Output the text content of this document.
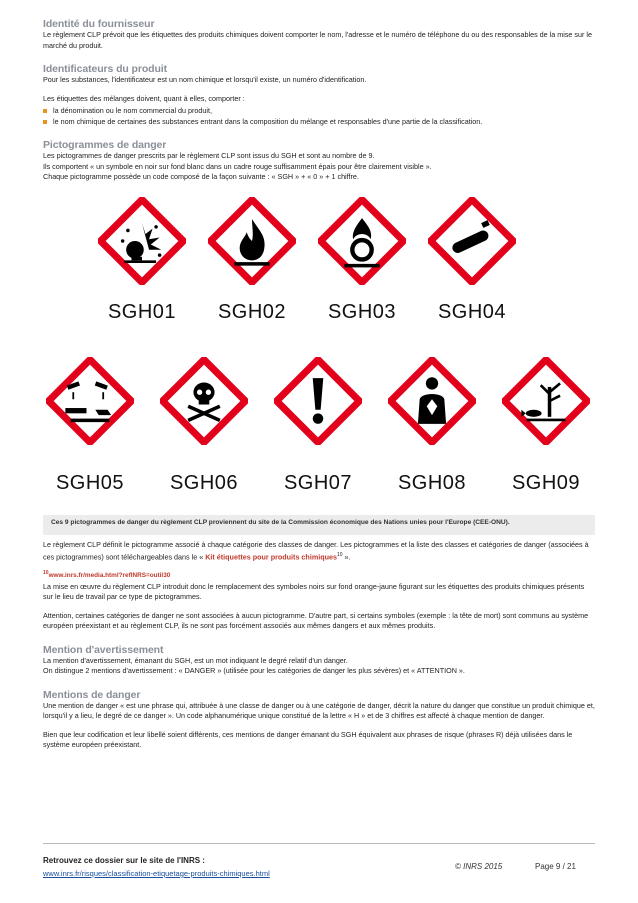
Identité du fournisseur

Le règlement CLP prévoit que les étiquettes des produits chimiques doivent comporter le nom, l'adresse et le numéro de téléphone du ou des responsables de la mise sur le marché du produit.

Identificateurs du produit

Pour les substances, l'identificateur est un nom chimique et lorsqu'il existe, un numéro d'identification.

Les étiquettes des mélanges doivent, quant à elles, comporter :

la dénomination ou le nom commercial du produit,
le nom chimique de certaines des substances entrant dans la composition du mélange et responsables d'une partie de la classification.
Pictogrammes de danger

Les pictogrammes de danger prescrits par le règlement CLP sont issus du SGH et sont au nombre de 9.

Ils comportent « un symbole en noir sur fond blanc dans un cadre rouge suffisamment épais pour être clairement visible ».

Chaque pictogramme possède un code composé de la façon suivante : « SGH » + « 0 » + 1 chiffre.

SGH01	SGH02	SGH03	SGH04
SGH05	SGH06	SGH07	SGH08	SGH09
Ces 9 pictogrammes de danger du règlement CLP proviennent du site de la Commission économique des Nations unies pour l'Europe (CEE-ONU).

Le règlement CLP définit le pictogramme associé à chaque catégorie des classes de danger. Les pictogrammes et la liste des classes et catégories de danger (associées à ces pictogrammes) sont téléchargeables dans le « Kit étiquettes pour produits chimiques$^{10}$ ».

$^{10}$www.inrs.fr/media.html?refINRS=outil30

La mise en œuvre du règlement CLP introduit donc le remplacement des symboles noirs sur fond orange-jaune figurant sur les étiquettes des produits chimiques présents sur le lieu de travail par ce type de pictogrammes.

Attention, certaines catégories de danger ne sont associées à aucun pictogramme. D'autre part, si certains symboles (exemple : la tête de mort) sont communs au système européen préexistant et au règlement CLP, ils ne sont pas forcément associés aux mêmes dangers et aux mêmes produits.

Mention d'avertissement

La mention d'avertissement, émanant du SGH, est un mot indiquant le degré relatif d'un danger.

On distingue 2 mentions d'avertissement : « DANGER » (utilisée pour les catégories de danger les plus sévères) et « ATTENTION ».

Mentions de danger

Une mention de danger « est une phrase qui, attribuée à une classe de danger ou à une catégorie de danger, décrit la nature du danger que constitue un produit chimique et, lorsqu'il y a lieu, le degré de ce danger ». Un code alphanumérique unique constitué de la lettre « H » et de 3 chiffres est affecté à chaque mention de danger.

Bien que leur codification et leur libellé soient différents, ces mentions de danger émanant du SGH équivalent aux phrases de risque (phrases R) déjà utilisées dans le système européen préexistant.

Retrouvez ce dossier sur le site de l'INRS :
www.inrs.fr/risques/classification-etiquetage-produits-chimiques.html
© INRS 2015	Page 9 / 21
